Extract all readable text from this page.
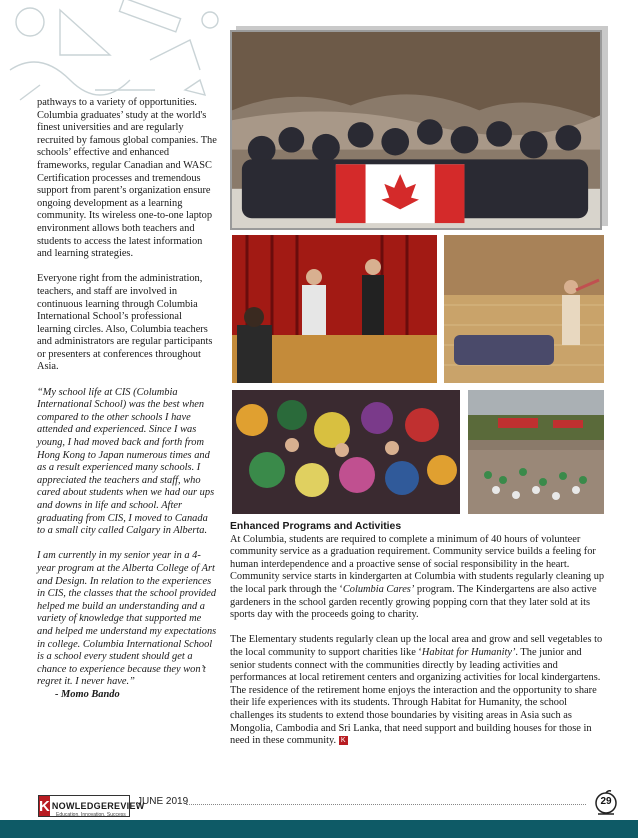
pathways to a variety of opportunities. Columbia graduates’ study at the world's finest universities and are regularly recruited by famous global companies. The schools’ effective and enhanced frameworks, regular Canadian and WASC Certification processes and tremendous support from parent’s organization ensure ongoing development as a learning community. Its wireless one-to-one laptop environment allows both teachers and students to access the latest information and learning strategies.

Everyone right from the administration, teachers, and staff are involved in continuous learning through Columbia International School’s professional learning circles. Also, Columbia teachers and administrators are regular participants or presenters at conferences throughout Asia.

“My school life at CIS (Columbia International School) was the best when compared to the other schools I have attended and experienced. Since I was young, I had moved back and forth from Hong Kong to Japan numerous times and as a result experienced many schools. I appreciated the teachers and staff, who cared about students when we had our ups and downs in life and school. After graduating from CIS, I moved to Canada to a small city called Calgary in Alberta.

I am currently in my senior year in a 4-year program at the Alberta College of Art and Design. In relation to the experiences in CIS, the classes that the school provided helped me build an understanding and a variety of knowledge that supported me and helped me understand my expectations in college. Columbia International School is a school every student should get a chance to experience because they won’t regret it. I never have.”

- Momo Bando
Enhanced Programs and Activities

At Columbia, students are required to complete a minimum of 40 hours of volunteer community service as a graduation requirement. Community service builds a feeling for human interdependence and a proactive sense of social responsibility in the heart. Community service starts in kindergarten at Columbia with students regularly cleaning up the local park through the ‘Columbia Cares’ program. The Kindergartens are also active gardeners in the school garden recently growing popping corn that they later sold at its sports day with the proceeds going to charity.

The Elementary students regularly clean up the local area and grow and sell vegetables to the local community to support charities like ‘Habitat for Humanity’. The junior and senior students connect with the communities directly by leading activities and performances at local retirement centers and organizing activities for local kindergartens. The residence of the retirement home enjoys the interaction and the opportunity to share their life experiences with its students. Through Habitat for Humanity, the school challenges its students to extend those boundaries by visiting areas in Asia such as Mongolia, Cambodia and Sri Lanka, that need support and building houses for those in need in these community. K

K NOWLEDGEREVIEW
Education. Innovation. Success
JUNE 2019	29
